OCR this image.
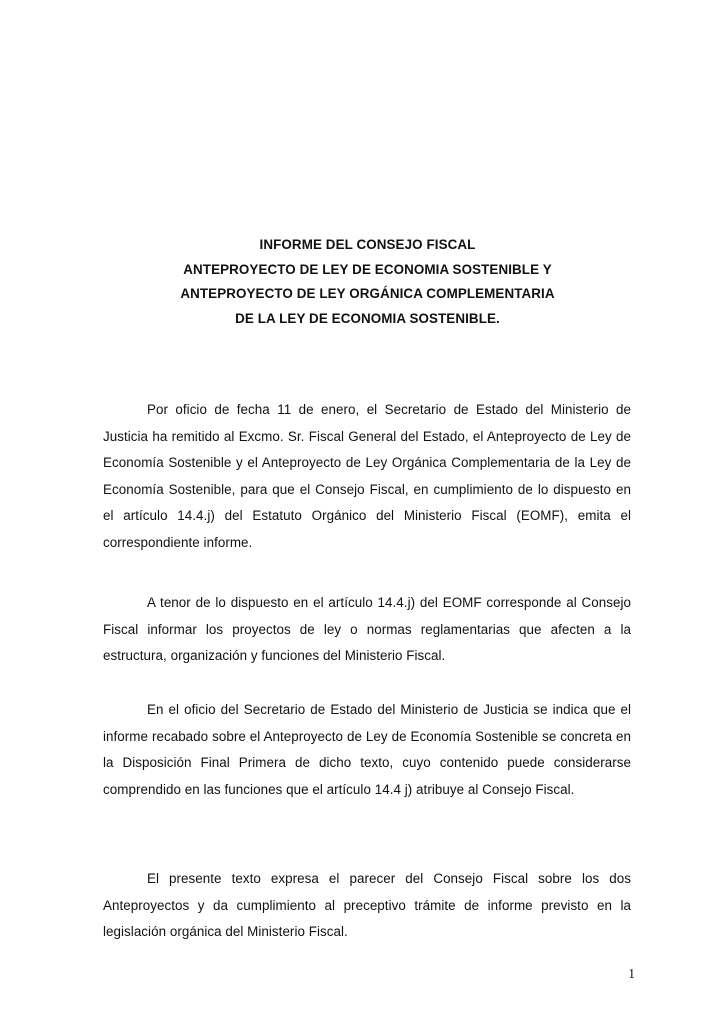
INFORME DEL CONSEJO FISCAL
ANTEPROYECTO DE LEY DE ECONOMIA SOSTENIBLE Y
ANTEPROYECTO DE LEY ORGÁNICA COMPLEMENTARIA
DE LA LEY DE ECONOMIA SOSTENIBLE.

Por oficio de fecha 11 de enero, el Secretario de Estado del Ministerio de Justicia ha remitido al Excmo. Sr. Fiscal General del Estado, el Anteproyecto de Ley de Economía Sostenible y el Anteproyecto de Ley Orgánica Complementaria de la Ley de Economía Sostenible, para que el Consejo Fiscal, en cumplimiento de lo dispuesto en el artículo 14.4.j) del Estatuto Orgánico del Ministerio Fiscal (EOMF), emita el correspondiente informe.

A tenor de lo dispuesto en el artículo 14.4.j) del EOMF corresponde al Consejo Fiscal informar los proyectos de ley o normas reglamentarias que afecten a la estructura, organización y funciones del Ministerio Fiscal.

En el oficio del Secretario de Estado del Ministerio de Justicia se indica que el informe recabado sobre el Anteproyecto de Ley de Economía Sostenible se concreta en la Disposición Final Primera de dicho texto, cuyo contenido puede considerarse comprendido en las funciones que el artículo 14.4 j) atribuye al Consejo Fiscal.

El presente texto expresa el parecer del Consejo Fiscal sobre los dos Anteproyectos y da cumplimiento al preceptivo trámite de informe previsto en la legislación orgánica del Ministerio Fiscal.

1
